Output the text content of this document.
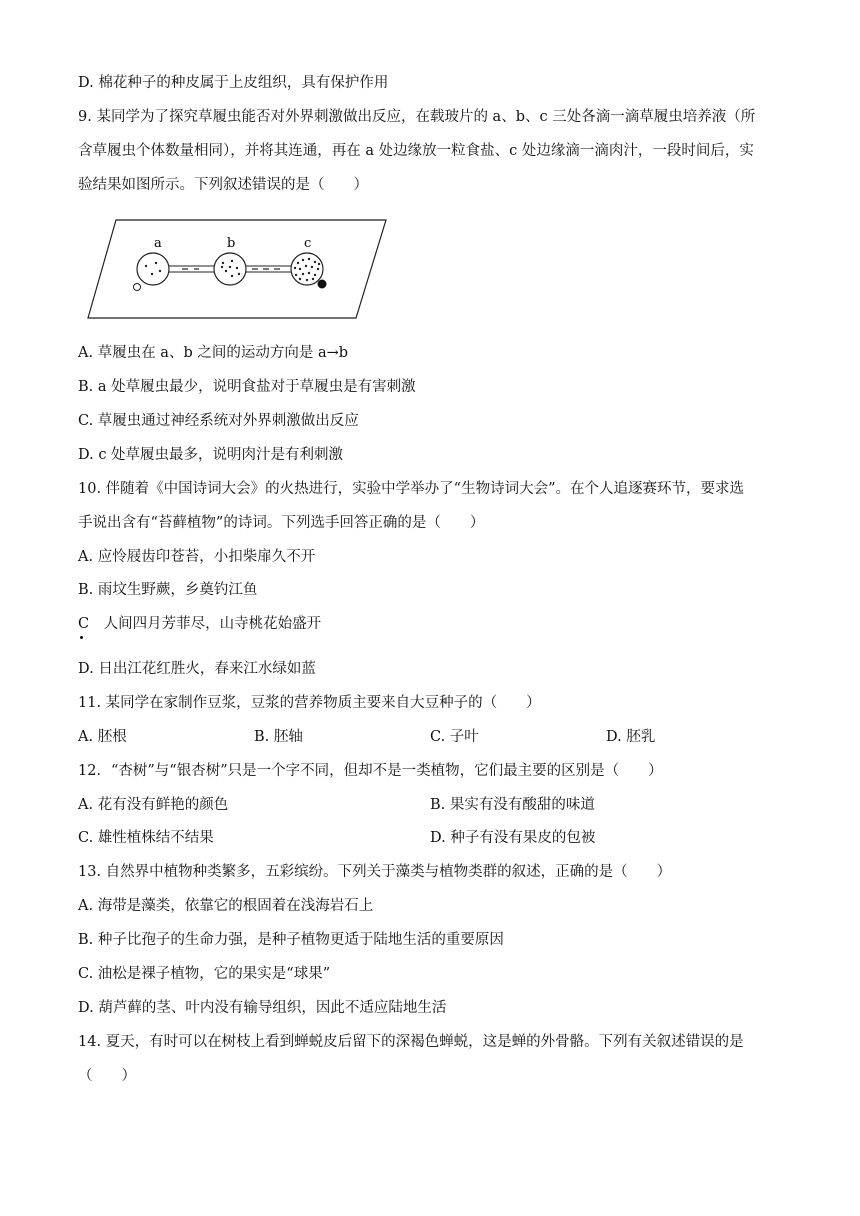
D. 棉花种子的种皮属于上皮组织，具有保护作用
9. 某同学为了探究草履虫能否对外界刺激做出反应，在载玻片的 a、b、c 三处各滴一滴草履虫培养液（所
含草履虫个体数量相同），并将其连通，再在 a 处边缘放一粒食盐、c 处边缘滴一滴肉汁，一段时间后，实
验结果如图所示。下列叙述错误的是（　　）
a	b	c
A. 草履虫在 a、b 之间的运动方向是 a→b
B. a 处草履虫最少，说明食盐对于草履虫是有害刺激
C. 草履虫通过神经系统对外界刺激做出反应
D. c 处草履虫最多，说明肉汁是有利刺激
10. 伴随着《中国诗词大会》的火热进行，实验中学举办了“生物诗词大会”。在个人追逐赛环节，要求选
手说出含有“苔藓植物”的诗词。下列选手回答正确的是（　　）
A. 应怜屐齿印苍苔，小扣柴扉久不开
B. 雨坟生野蕨，乡奠钓江鱼
C　人间四月芳菲尽，山寺桃花始盛开
D. 日出江花红胜火，春来江水绿如蓝
11. 某同学在家制作豆浆，豆浆的营养物质主要来自大豆种子的（　　）
A. 胚根	B. 胚轴	C. 子叶	D. 胚乳
12．“杏树”与“银杏树”只是一个字不同，但却不是一类植物，它们最主要的区别是（　　）
A. 花有没有鲜艳的颜色	B. 果实有没有酸甜的味道
C. 雄性植株结不结果	D. 种子有没有果皮的包被
13. 自然界中植物种类繁多，五彩缤纷。下列关于藻类与植物类群的叙述，正确的是（　　）
A. 海带是藻类，依靠它的根固着在浅海岩石上
B. 种子比孢子的生命力强，是种子植物更适于陆地生活的重要原因
C. 油松是裸子植物，它的果实是“球果”
D. 葫芦藓的茎、叶内没有输导组织，因此不适应陆地生活
14. 夏天，有时可以在树枝上看到蝉蜕皮后留下的深褐色蝉蜕，这是蝉的外骨骼。下列有关叙述错误的是
（　　）
